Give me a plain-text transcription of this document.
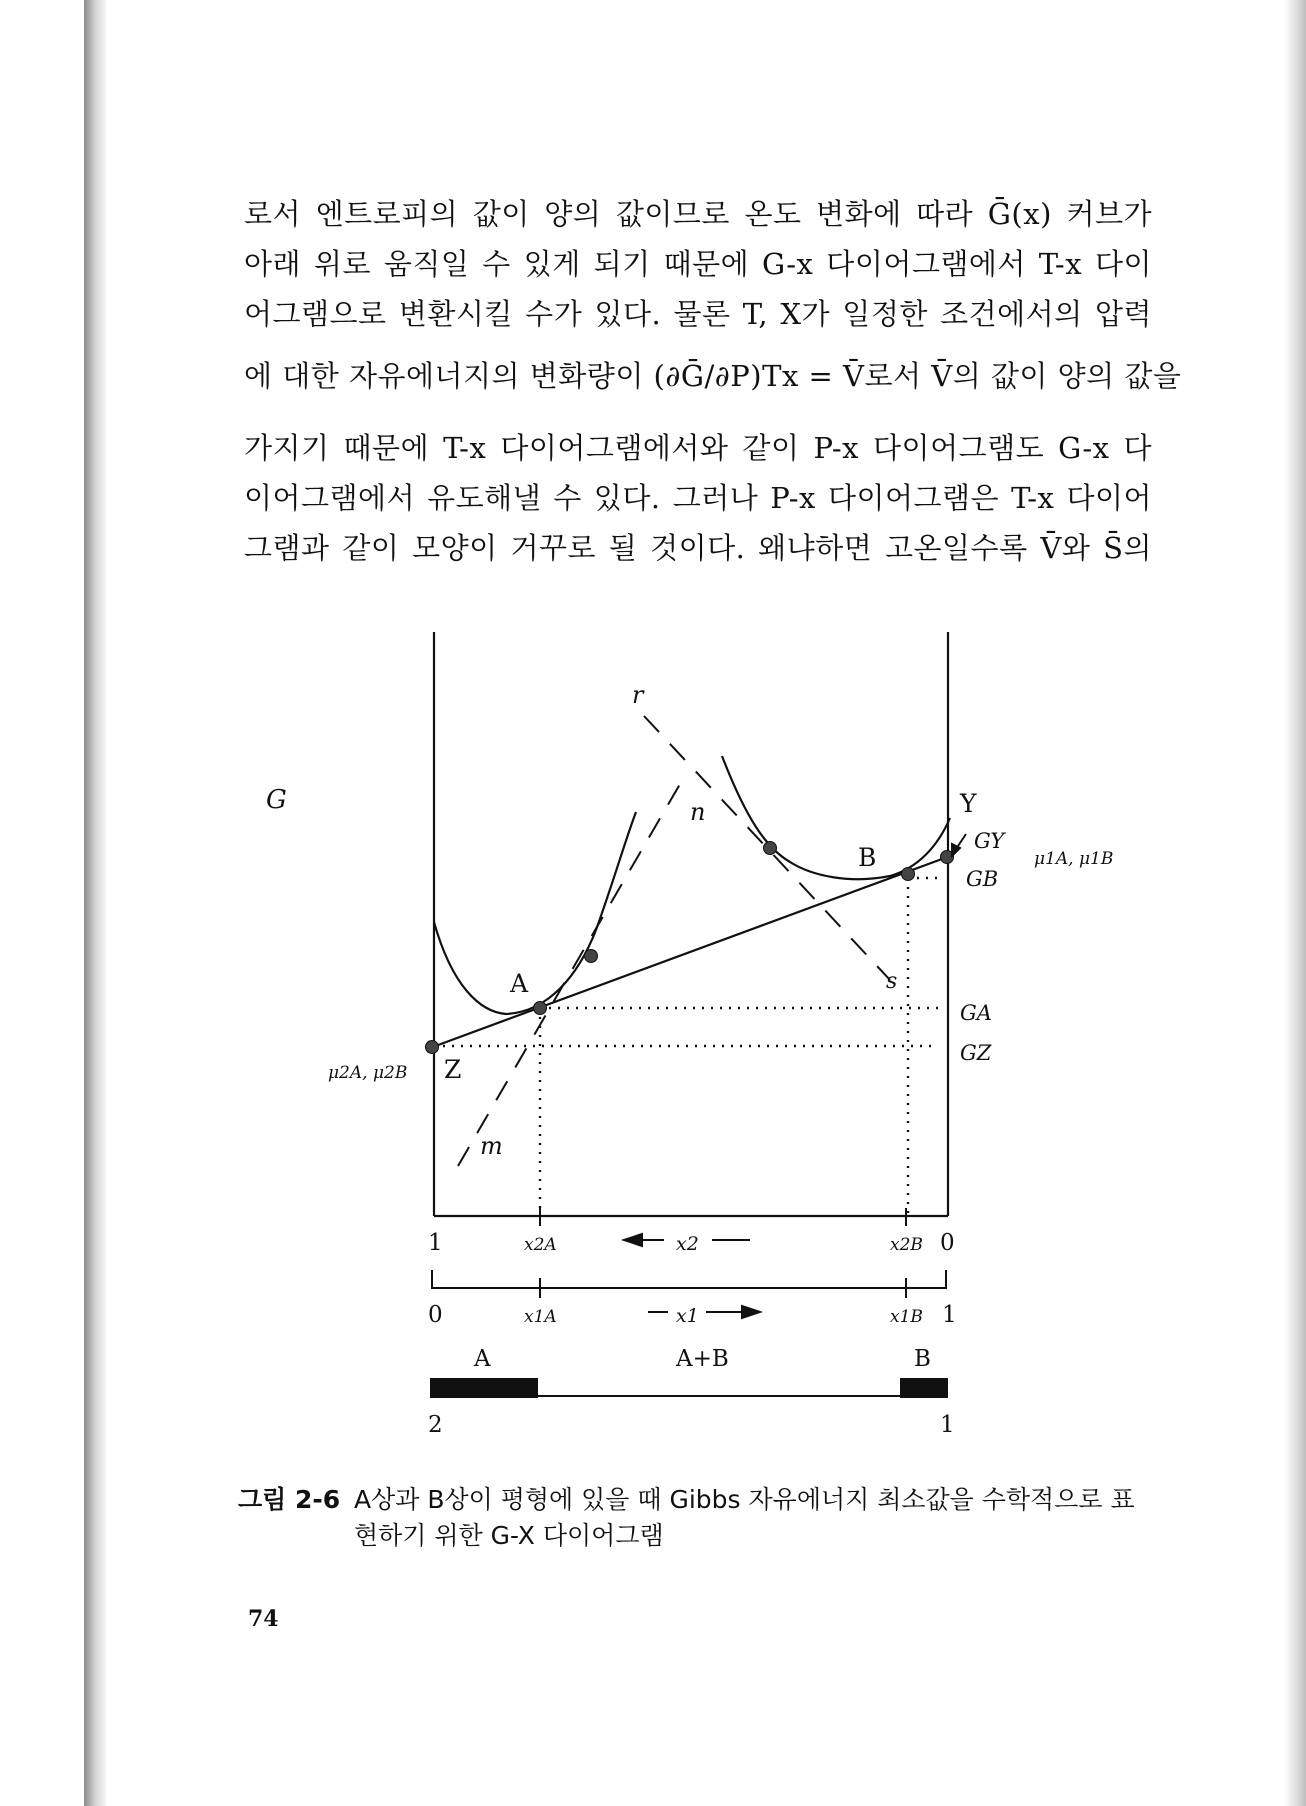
로서 엔트로피의 값이 양의 값이므로 온도 변화에 따라 Ḡ(x) 커브가
아래 위로 움직일 수 있게 되기 때문에 G-x 다이어그램에서 T-x 다이
어그램으로 변환시킬 수가 있다. 물론 T, X가 일정한 조건에서의 압력
에 대한 자유에너지의 변화량이 (∂Ḡ/∂P)Tx = V̄로서 V̄의 값이 양의 값을
가지기 때문에 T-x 다이어그램에서와 같이 P-x 다이어그램도 G-x 다
이어그램에서 유도해낼 수 있다. 그러나 P-x 다이어그램은 T-x 다이어
그램과 같이 모양이 거꾸로 될 것이다. 왜냐하면 고온일수록 V̄와 S̄의
G
r
n
s
m
A
B
Y
Z
GY
GB
GA
GZ
μ1A, μ1B
μ2A, μ2B
1	x2A	x2	x2B 0
0	x1A	x1	x1B 1
A	A+B	B
2	1
그림 2-6 A상과 B상이 평형에 있을 때 Gibbs 자유에너지 최소값을 수학적으로 표
현하기 위한 G-X 다이어그램
74
